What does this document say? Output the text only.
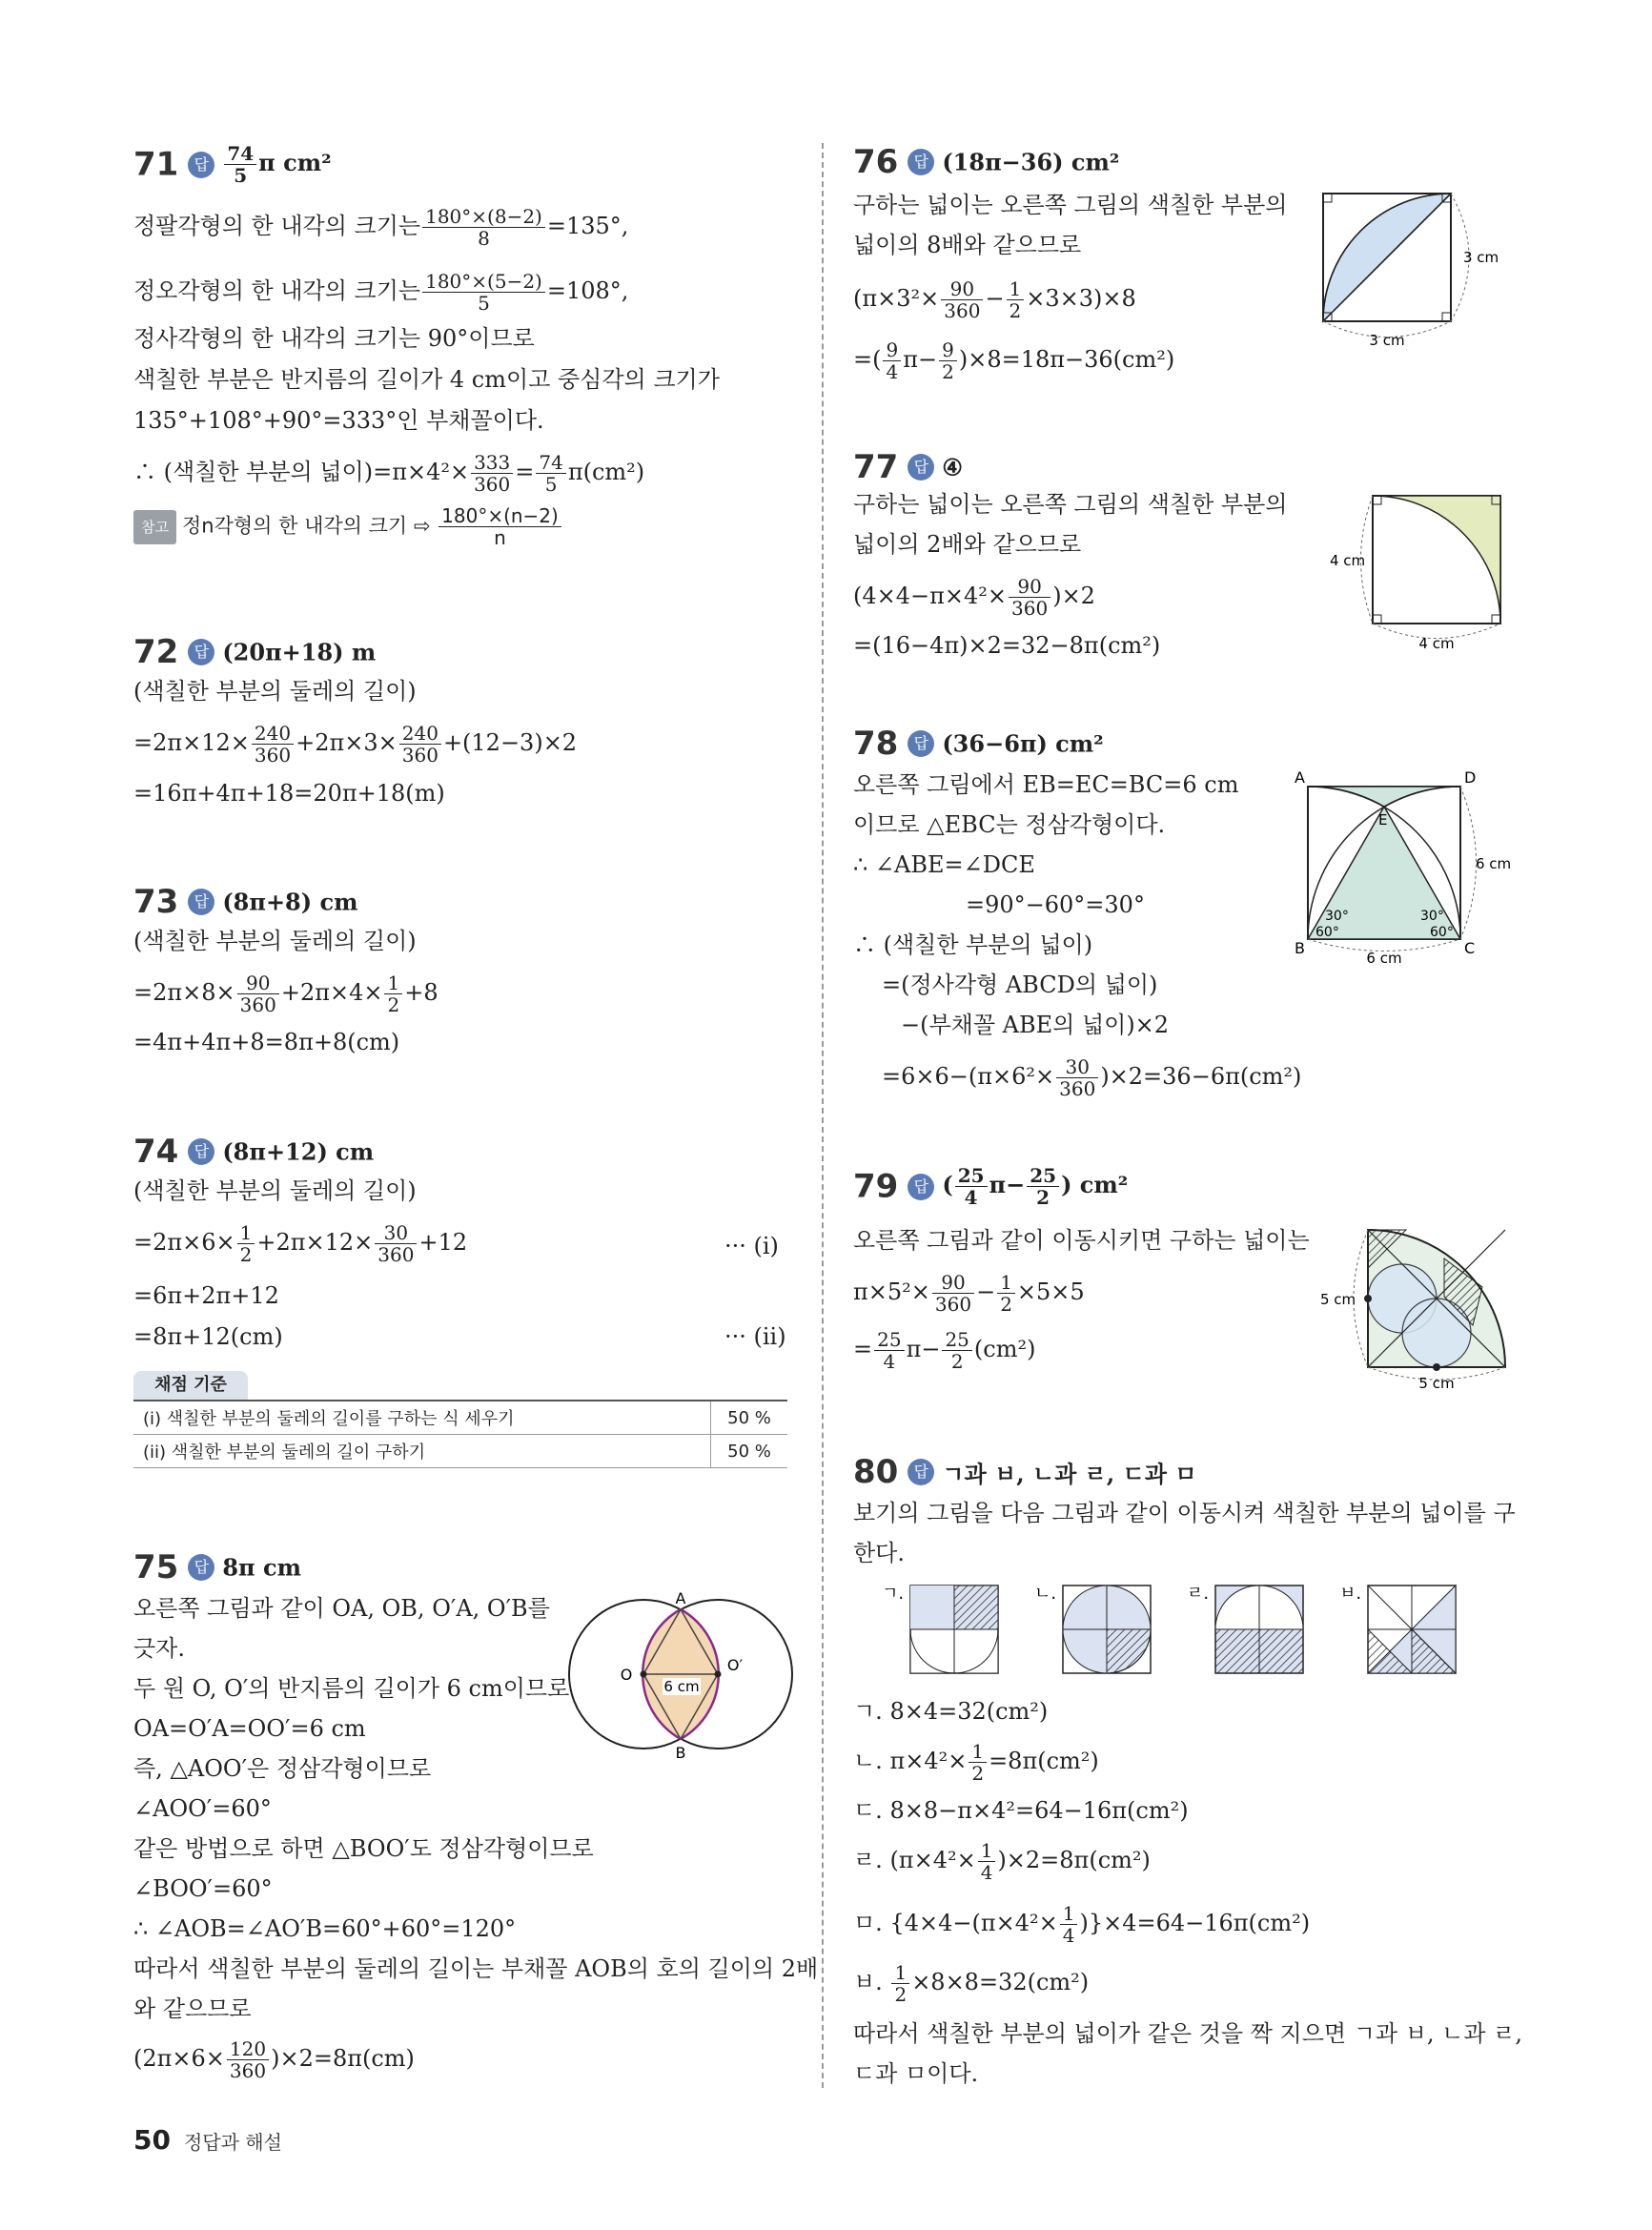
71 답 $\frac{74}{5}$ π cm²
정팔각형의 한 내각의 크기는 $\frac{180^\circ\times(8-2)}{8} =135^\circ$,
정오각형의 한 내각의 크기는 $\frac{180^\circ\times(5-2)}{5} =108^\circ$,
정사각형의 한 내각의 크기는 90°이므로
색칠한 부분은 반지름의 길이가 4 cm이고 중심각의 크기가
135°+108°+90°=333°인 부채꼴이다.
∴ (색칠한 부분의 넓이)$=\pi\times 4^2\times \frac{333}{360} = \frac{74}{5} \pi(cm^2)$
참고 정n각형의 한 내각의 크기 ⇨ $\frac{180^\circ\times(n-2)}{n}$
72 답 (20π+18) m
(색칠한 부분의 둘레의 길이)
$=2\pi\times 12\times \frac{240}{360} +2\pi\times 3\times \frac{240}{360} +(12-3)\times 2$
=16π+4π+18=20π+18(m)
73 답 (8π+8) cm
(색칠한 부분의 둘레의 길이)
$=2\pi\times 8\times \frac{90}{360} +2\pi\times 4\times \frac{1}{2} +8$
=4π+4π+8=8π+8(cm)
74 답 (8π+12) cm
(색칠한 부분의 둘레의 길이)
$=2\pi\times 6\times \frac{1}{2} +2\pi\times 12\times \frac{30}{360} +12$	··· (i)
=6π+2π+12
=8π+12(cm)	··· (ii)
채점 기준
(i) 색칠한 부분의 둘레의 길이를 구하는 식 세우기	50 %
(ii) 색칠한 부분의 둘레의 길이 구하기	50 %
75 답 8π cm
오른쪽 그림과 같이 OA, OB, O′A, O′B를
긋자.
두 원 O, O′의 반지름의 길이가 6 cm이므로
OA=O′A=OO′=6 cm
즉, △AOO′은 정삼각형이므로
∠AOO′=60°
같은 방법으로 하면 △BOO′도 정삼각형이므로
∠BOO′=60°
∴ ∠AOB=∠AO′B=60°+60°=120°
따라서 색칠한 부분의 둘레의 길이는 부채꼴 AOB의 호의 길이의 2배
와 같으므로
$(2\pi\times 6\times \frac{120}{360} )\times 2=8\pi(cm)$
6 cm
A
B
O
O′
76 답 (18π−36) cm²
구하는 넓이는 오른쪽 그림의 색칠한 부분의
넓이의 8배와 같으므로
$(\pi\times 3^2\times \frac{90}{360} - \frac{1}{2} \times 3\times 3)\times 8$
=( $\frac{9}{4} \pi- \frac{9}{2} )\times 8=18\pi-36(cm^2)$
3 cm
3 cm
77 답 ④
구하는 넓이는 오른쪽 그림의 색칠한 부분의
넓이의 2배와 같으므로
$(4\times 4-\pi\times 4^2\times \frac{90}{360} )\times 2$
=(16−4π)×2=32−8π(cm²)
4 cm
4 cm
78 답 (36−6π) cm²
오른쪽 그림에서 EB=EC=BC=6 cm
이므로 △EBC는 정삼각형이다.
∴ ∠ABE=∠DCE
=90°−60°=30°
∴ (색칠한 부분의 넓이)
=(정사각형 ABCD의 넓이)
−(부채꼴 ABE의 넓이)×2
$=6\times 6-(\pi\times 6^2\times \frac{30}{360} )\times 2=36-6\pi(cm^2)$
A	D
B	C
E
30°	30°
60°	60°
6 cm
6 cm
79 답 ( $\frac{25}{4} \pi- \frac{25}{2}$ ) cm²
오른쪽 그림과 같이 이동시키면 구하는 넓이는
$\pi\times 5^2\times \frac{90}{360} - \frac{1}{2} \times 5\times 5$
= $\frac{25}{4} \pi- \frac{25}{2} (cm^2)$
5 cm
5 cm
80 답 ㄱ과 ㅂ, ㄴ과 ㄹ, ㄷ과 ㅁ
보기의 그림을 다음 그림과 같이 이동시켜 색칠한 부분의 넓이를 구
한다.
ㄱ.	ㄴ.	ㄹ.	ㅂ.
ㄱ. 8×4=32(cm²)
ㄴ. $\pi\times 4^2\times \frac{1}{2} =8\pi(cm^2)$
ㄷ. 8×8−π×4²=64−16π(cm²)
ㄹ. $(\pi\times 4^2\times \frac{1}{4} )\times 2=8\pi(cm^2)$
ㅁ. $\{4\times 4-(\pi\times 4^2\times \frac{1}{4} )\}\times 4=64-16\pi(cm^2)$
ㅂ. $\frac{1}{2} \times 8\times 8=32(cm^2)$
따라서 색칠한 부분의 넓이가 같은 것을 짝 지으면 ㄱ과 ㅂ, ㄴ과 ㄹ,
ㄷ과 ㅁ이다.
50 정답과 해설
